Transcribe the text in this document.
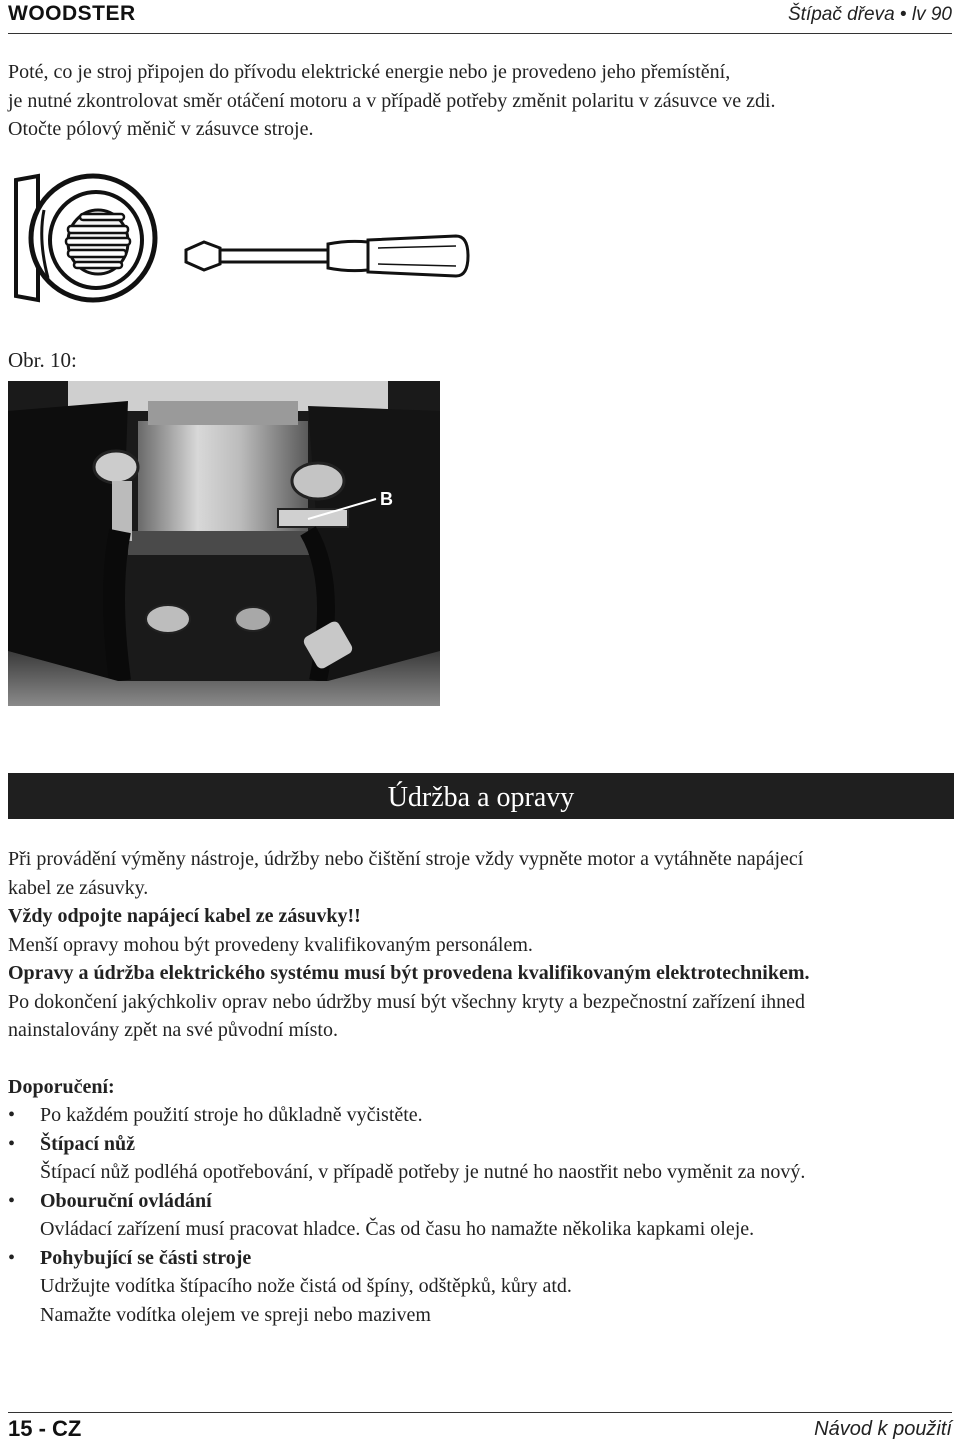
WOODSTER	Štípač dřeva • lv 90

Poté, co je stroj připojen do přívodu elektrické energie nebo je provedeno jeho přemístění,

je nutné zkontrolovat směr otáčení motoru a v případě potřeby změnit polaritu v zásuvce ve zdi.

Otočte pólový měnič v zásuvce stroje.

Obr. 10:
B
Údržba a opravy

Při provádění výměny nástroje, údržby nebo čištění stroje vždy vypněte motor a vytáhněte napájecí

kabel ze zásuvky.

Vždy odpojte napájecí kabel ze zásuvky!!

Menší opravy mohou být provedeny kvalifikovaným personálem.

Opravy a údržba elektrického systému musí být provedena kvalifikovaným elektrotechnikem.

Po dokončení jakýchkoliv oprav nebo údržby musí být všechny kryty a bezpečnostní zařízení ihned

nainstalovány zpět na své původní místo.

Doporučení:

• Po každém použití stroje ho důkladně vyčistěte.
• Štípací nůž
Štípací nůž podléhá opotřebování, v případě potřeby je nutné ho naostřit nebo vyměnit za nový.
• Obouruční ovládání
Ovládací zařízení musí pracovat hladce. Čas od času ho namažte několika kapkami oleje.
• Pohybující se části stroje
Udržujte vodítka štípacího nože čistá od špíny, odštěpků, kůry atd.
Namažte vodítka olejem ve spreji nebo mazivem
15 - CZ	Návod k použití
